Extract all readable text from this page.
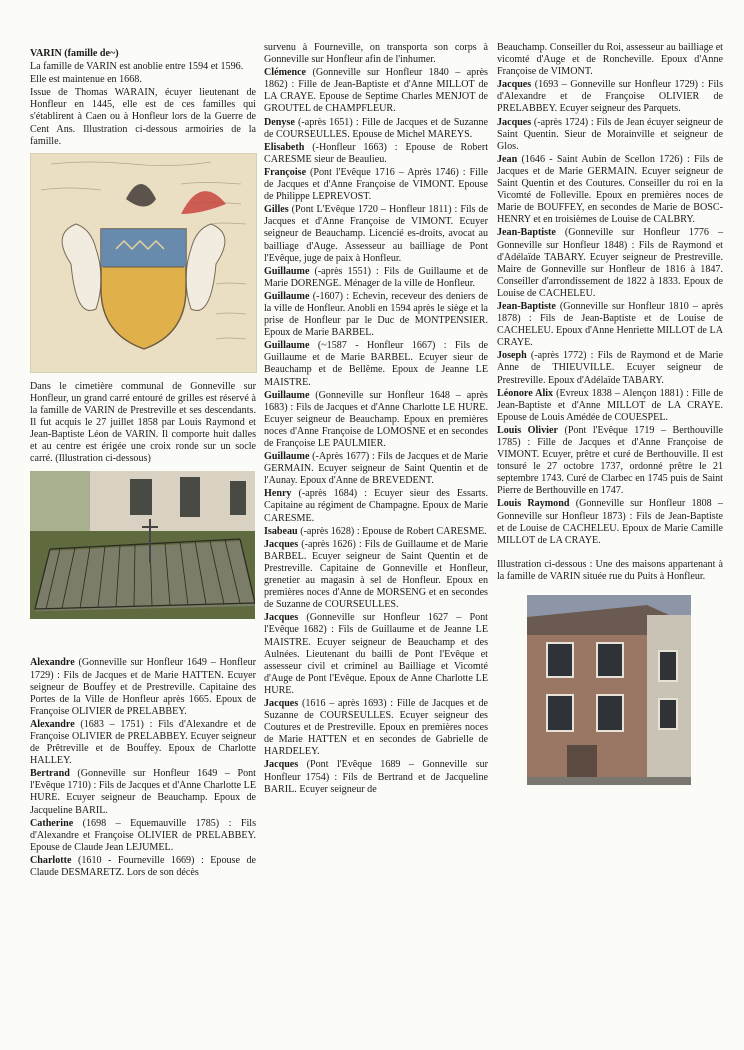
VARIN (famille de~)

La famille de VARIN est anoblie entre 1594 et 1596.

Elle est maintenue en 1668.

Issue de Thomas WARAIN, écuyer lieutenant de Honfleur en 1445, elle est de ces familles qui s'établirent à Caen ou à Honfleur lors de la Guerre de Cent Ans. Illustration ci-dessous armoiries de la famille.

Dans le cimetière communal de Gonneville sur Honfleur, un grand carré entouré de grilles est réservé à la famille de VARIN de Prestreville et ses descendants. Il fut acquis le 27 juillet 1858 par Louis Raymond et Jean-Baptiste Léon de VARIN. Il comporte huit dalles et au centre est érigée une croix ronde sur un socle carré. (Illustration ci-dessous)

Alexandre (Gonneville sur Honfleur 1649 – Honfleur 1729) : Fils de Jacques et de Marie HATTEN. Ecuyer seigneur de Bouffey et de Prestreville. Capitaine des Portes de la Ville de Honfleur après 1665. Epoux de Françoise OLIVIER de PRELABBEY.

Alexandre (1683 – 1751) : Fils d'Alexandre et de Françoise OLIVIER de PRELABBEY. Ecuyer seigneur de Prêtreville et de Bouffey. Epoux de Charlotte HALLEY.

Bertrand (Gonneville sur Honfleur 1649 – Pont l'Evêque 1710) : Fils de Jacques et d'Anne Charlotte LE HURE. Ecuyer seigneur de Beauchamp. Epoux de Jacqueline BARIL.

Catherine (1698 – Equemauville 1785) : Fils d'Alexandre et Françoise OLIVIER de PRELABBEY. Epouse de Claude Jean LEJUMEL.

Charlotte (1610 - Fourneville 1669) : Epouse de Claude DESMARETZ. Lors de son décès

survenu à Fourneville, on transporta son corps à Gonneville sur Honfleur afin de l'inhumer.

Clémence (Gonneville sur Honfleur 1840 – après 1862) : Fille de Jean-Baptiste et d'Anne MILLOT de LA CRAYE. Epouse de Septime Charles MENJOT de GROUTEL de CHAMPFLEUR.

Denyse (-après 1651) : Fille de Jacques et de Suzanne de COURSEULLES. Epouse de Michel MAREYS.

Elisabeth (-Honfleur 1663) : Epouse de Robert CARESME sieur de Beaulieu.

Françoise (Pont l'Evêque 1716 – Après 1746) : Fille de Jacques et d'Anne Françoise de VIMONT. Epouse de Philippe LEPREVOST.

Gilles (Pont L'Evêque 1720 – Honfleur 1811) : Fils de Jacques et d'Anne Françoise de VIMONT. Ecuyer seigneur de Beauchamp. Licencié es-droits, avocat au bailliage d'Auge. Assesseur au bailliage de Pont l'Evêque, juge de paix à Honfleur.

Guillaume (-après 1551) : Fils de Guillaume et de Marie DORENGE. Ménager de la ville de Honfleur.

Guillaume (-1607) : Echevin, receveur des deniers de la ville de Honfleur. Anobli en 1594 après le siège et la prise de Honfleur par le Duc de MONTPENSIER. Epoux de Marie BARBEL.

Guillaume (~1587 - Honfleur 1667) : Fils de Guillaume et de Marie BARBEL. Ecuyer sieur de Beauchamp et de Bellême. Epoux de Jeanne LE MAISTRE.

Guillaume (Gonneville sur Honfleur 1648 – après 1683) : Fils de Jacques et d'Anne Charlotte LE HURE. Ecuyer seigneur de Beauchamp. Epoux en premières noces d'Anne Françoise de LOMOSNE et en secondes de Françoise LE PAULMIER.

Guillaume (-Après 1677) : Fils de Jacques et de Marie GERMAIN. Ecuyer seigneur de Saint Quentin et de l'Aunay. Epoux d'Anne de BREVEDENT.

Henry (-après 1684) : Ecuyer sieur des Essarts. Capitaine au régiment de Champagne. Epoux de Marie CARESME.

Isabeau (-après 1628) : Epouse de Robert CARESME.

Jacques (-après 1626) : Fils de Guillaume et de Marie BARBEL. Ecuyer seigneur de Saint Quentin et de Prestreville. Capitaine de Gonneville et Honfleur, grenetier au magasin à sel de Honfleur. Epoux en premières noces d'Anne de MORSENG et en secondes de Suzanne de COURSEULLES.

Jacques (Gonneville sur Honfleur 1627 – Pont l'Evêque 1682) : Fils de Guillaume et de Jeanne LE MAISTRE. Ecuyer seigneur de Beauchamp et des Aulnées. Lieutenant du bailli de Pont l'Evêque et assesseur civil et criminel au Bailliage et Vicomté d'Auge de Pont l'Evêque. Epoux de Anne Charlotte LE HURE.

Jacques (1616 – après 1693) : Fille de Jacques et de Suzanne de COURSEULLES. Ecuyer seigneur des Coutures et de Prestreville. Epoux en premières noces de Marie HATTEN et en secondes de Gabrielle de HARDELEY.

Jacques (Pont l'Evêque 1689 – Gonneville sur Honfleur 1754) : Fils de Bertrand et de Jacqueline BARIL. Ecuyer seigneur de

Beauchamp. Conseiller du Roi, assesseur au bailliage et vicomté d'Auge et de Roncheville. Epoux d'Anne Françoise de VIMONT.

Jacques (1693 – Gonneville sur Honfleur 1729) : Fils d'Alexandre et de Françoise OLIVIER de PRELABBEY. Ecuyer seigneur des Parquets.

Jacques (-après 1724) : Fils de Jean écuyer seigneur de Saint Quentin. Sieur de Morainville et seigneur de Glos.

Jean (1646 - Saint Aubin de Scellon 1726) : Fils de Jacques et de Marie GERMAIN. Ecuyer seigneur de Saint Quentin et des Coutures. Conseiller du roi en la Vicomté de Folleville. Epoux en premières noces de Marie de BOUFFEY, en secondes de Marie de BOSC-HENRY et en troisièmes de Louise de CALBRY.

Jean-Baptiste (Gonneville sur Honfleur 1776 – Gonneville sur Honfleur 1848) : Fils de Raymond et d'Adélaïde TABARY. Ecuyer seigneur de Prestreville. Maire de Gonneville sur Honfleur de 1816 à 1847. Conseiller d'arrondissement de 1822 à 1833. Epoux de Louise de CACHELEU.

Jean-Baptiste (Gonneville sur Honfleur 1810 – après 1878) : Fils de Jean-Baptiste et de Louise de CACHELEU. Epoux d'Anne Henriette MILLOT de LA CRAYE.

Joseph (-après 1772) : Fils de Raymond et de Marie Anne de THIEUVILLE. Ecuyer seigneur de Prestreville. Epoux d'Adélaïde TABARY.

Léonore Alix (Evreux 1838 – Alençon 1881) : Fille de Jean-Baptiste et d'Anne MILLOT de LA CRAYE. Epouse de Louis Amédée de COUESPEL.

Louis Olivier (Pont l'Evêque 1719 – Berthouville 1785) : Fille de Jacques et d'Anne Françoise de VIMONT. Ecuyer, prêtre et curé de Berthouville. Il est tonsuré le 27 octobre 1737, ordonné prêtre le 21 septembre 1743. Curé de Clarbec en 1745 puis de Saint Pierre de Berthouville en 1747.

Louis Raymond (Gonneville sur Honfleur 1808 – Gonneville sur Honfleur 1873) : Fils de Jean-Baptiste et de Louise de CACHELEU. Epoux de Marie Camille MILLOT de LA CRAYE.

Illustration ci-dessous : Une des maisons appartenant à la famille de VARIN située rue du Puits à Honfleur.
